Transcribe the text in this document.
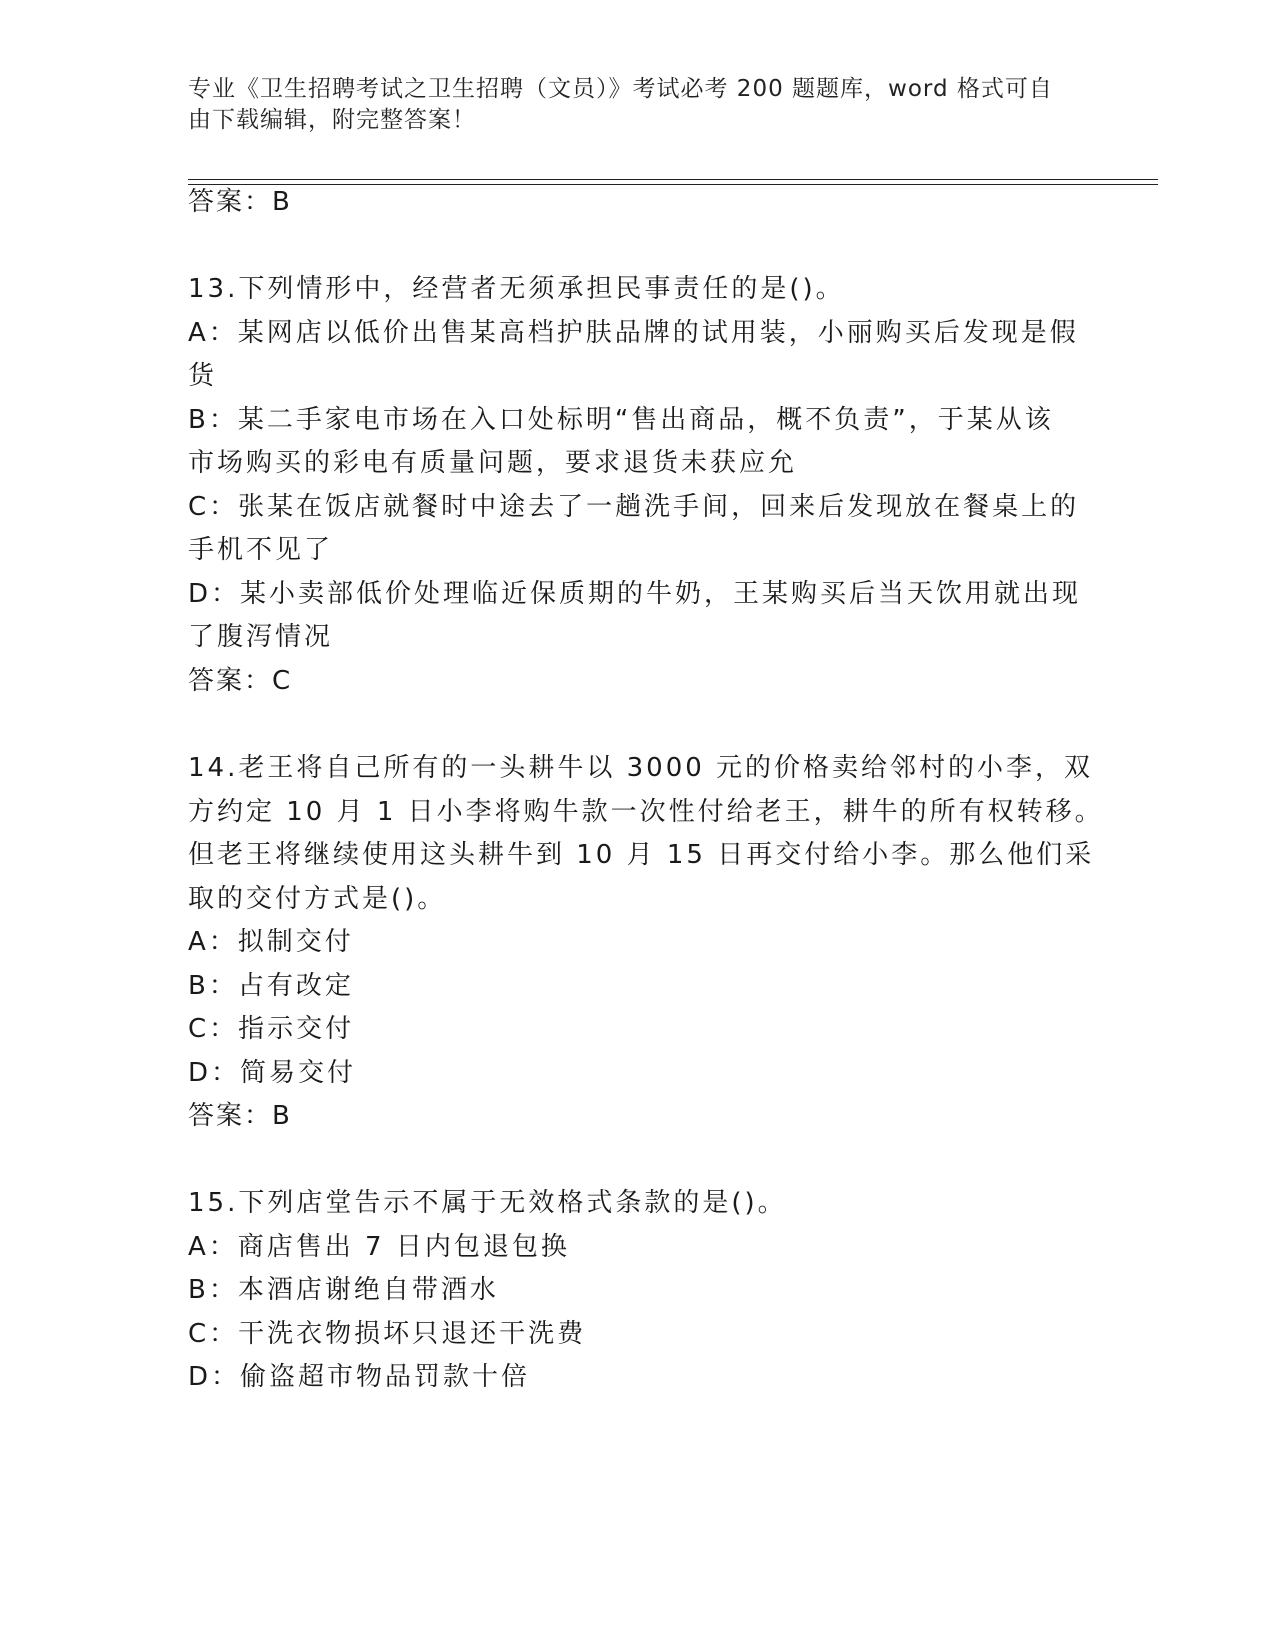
专业《卫生招聘考试之卫生招聘（文员）》考试必考 200 题题库，word 格式可自
由下载编辑，附完整答案！
答案：B
13.下列情形中，经营者无须承担民事责任的是()。
A：某网店以低价出售某高档护肤品牌的试用装，小丽购买后发现是假
货
B：某二手家电市场在入口处标明“售出商品，概不负责”，于某从该
市场购买的彩电有质量问题，要求退货未获应允
C：张某在饭店就餐时中途去了一趟洗手间，回来后发现放在餐桌上的
手机不见了
D：某小卖部低价处理临近保质期的牛奶，王某购买后当天饮用就出现
了腹泻情况
答案：C
14.老王将自己所有的一头耕牛以 3000 元的价格卖给邻村的小李，双
方约定 10 月 1 日小李将购牛款一次性付给老王，耕牛的所有权转移。
但老王将继续使用这头耕牛到 10 月 15 日再交付给小李。那么他们采
取的交付方式是()。
A：拟制交付
B：占有改定
C：指示交付
D：简易交付
答案：B
15.下列店堂告示不属于无效格式条款的是()。
A：商店售出 7 日内包退包换
B：本酒店谢绝自带酒水
C：干洗衣物损坏只退还干洗费
D：偷盗超市物品罚款十倍
